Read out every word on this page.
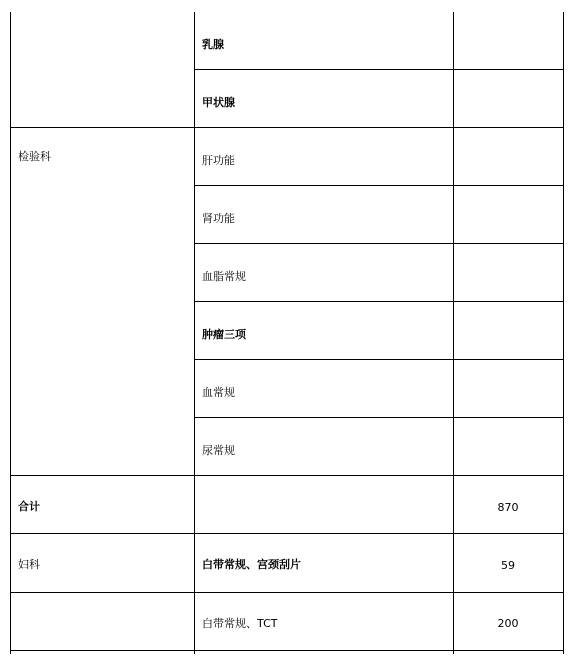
检验科
合计
妇科
乳腺
甲状腺
肝功能
肾功能
血脂常规
肿瘤三项
血常规
尿常规
白带常规、宫颈刮片
白带常规、TCT
870
59
200
